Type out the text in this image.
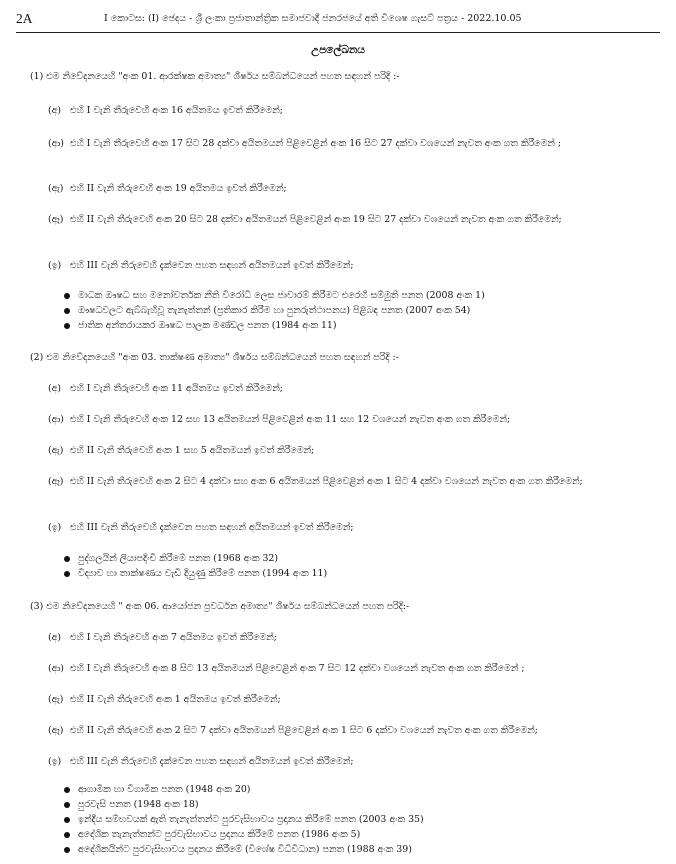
2A	I කොටස: (I) ඡෙදය - ශ්‍රී ලංකා ප්‍රජාතාන්ත්‍රික සමාජවාදී ජනරජයේ අති විශෙෂ ගැසට් පත්‍රය - 2022.10.05
උපලේඛනය
(1) එම නිවේදනයෙහි "අංක 01. ආරක්ෂක අමාත්‍ය" ශීර්ෂය සම්බන්ධයෙන් පහත සඳහන් පරිදි :-
(අ) එහි I වැනි තීරුවෙහි අංක 16 අයිතමය ඉවත් කිරීමෙන්;
(ආ) එහි I වැනි තීරුවෙහි අංක 17 සිට 28 දක්වා අයිතමයන් පිළිවෙළින් අංක 16 සිට 27 දක්වා වශයෙන් නැවත අංක ගත කිරීමෙන් ;
(ඇ) එහි II වැනි තීරුවෙහි අංක 19 අයිතමය ඉවත් කිරීමෙන්;
(ඈ) එහි II වැනි තීරුවෙහි අංක 20 සිට 28 දක්වා අයිතමයන් පිළිවෙළින් අංක 19 සිට 27 දක්වා වශයෙන් නැවත අංක ගත කිරීමෙන්;
(ඉ) එහි III වැනි තීරුවෙහි දැක්වෙන පහත සඳහන් අයිතමයන් ඉවත් කිරීමෙන්;
මාධක ඖෂධ සහ මනෝවර්තක නීති විරෝධී ලෙස ජාවාරම් කිරීමට එරෙහි සම්මුති පනත (2008 අංක 1)
ඖෂධවලට ඇබ්බැහිවූ තැනැත්තන් (ප්‍රතිකාර කිරීම හා පුනරුත්ථාපනය) පිළිබඳ පනත (2007 අංක 54)
ජාතික අන්තරායකර ඖෂධ පාලක මණ්ඩල පනත (1984 අංක 11)
(2) එම නිවේදනයෙහි "අංක 03. තාක්ෂණ අමාත්‍ය" ශීර්ෂය සම්බන්ධයෙන් පහත සඳහන් පරිදි :-
(අ) එහි I වැනි තීරුවෙහි අංක 11 අයිතමය ඉවත් කිරීමෙන්;
(ආ) එහි I වැනි තීරුවෙහි අංක 12 සහ 13 අයිතමයන් පිළිවෙළින් අංක 11 සහ 12 වශයෙන් නැවත අංක ගත කිරීමෙන්;
(ඇ) එහි II වැනි තීරුවෙහි අංක 1 සහ 5 අයිතමයන් ඉවත් කිරීමෙන්;
(ඈ) එහි II වැනි තීරුවෙහි අංක 2 සිට 4 දක්වා සහ අංක 6 අයිතමයන් පිළිවෙළින් අංක 1 සිට 4 දක්වා වශයෙන් නැවත අංක ගත කිරීමෙන්;
(ඉ) එහි III වැනි තීරුවෙහි දැක්වෙන පහත සඳහන් අයිතමයන් ඉවත් කිරීමෙන්;
පුද්ගලයින් ලියාපදිංචි කිරීමේ පනත (1968 අංක 32)
විද්‍යාව හා තාක්ෂණය වැඩි දියුණු කිරීමේ පනත (1994 අංක 11)
(3) එම නිවේදනයෙහි " අංක 06. ආයෝජන ප්‍රවර්ධන අමාත්‍ය" ශීර්ෂය සම්බන්ධයෙන් පහත පරිදි:-
(අ) එහි I වැනි තීරුවෙහි අංක 7 අයිතමය ඉවත් කිරීමෙන්;
(ආ) එහි I වැනි තීරුවෙහි අංක 8 සිට 13 අයිතමයන් පිළිවෙළින් අංක 7 සිට 12 දක්වා වශයෙන් නැවත අංක ගත කිරීමෙන් ;
(ඇ) එහි II වැනි තීරුවෙහි අංක 1 අයිතමය ඉවත් කිරීමෙන්;
(ඈ) එහි II වැනි තීරුවෙහි අංක 2 සිට 7 දක්වා අයිතමයන් පිළිවෙළින් අංක 1 සිට 6 දක්වා වශයෙන් නැවත අංක ගත කිරීමෙන්;
(ඉ) එහි III වැනි තීරුවෙහි දැක්වෙන පහත සඳහන් අයිතමයන් ඉවත් කිරීමෙන්;
ආගාමික හා විගාමික පනත (1948 අංක 20)
පුරවැසි පනත (1948 අංක 18)
ඉන්දීය සම්භවයක් ඇති තැනැත්තන්ට පුරවැසිභාවය ප්‍රදානය කිරීමේ පනත (2003 අංක 35)
අදේශික තැනැත්තන්ට පුරවැසිභාවය ප්‍රදානය කිරීමේ පනත (1986 අංක 5)
අදේශිකයින්ට පුරවැසිභාවය ප්‍රදානය කිරීමේ (විශේෂ විධිවිධාන) පනත (1988 අංක 39)
